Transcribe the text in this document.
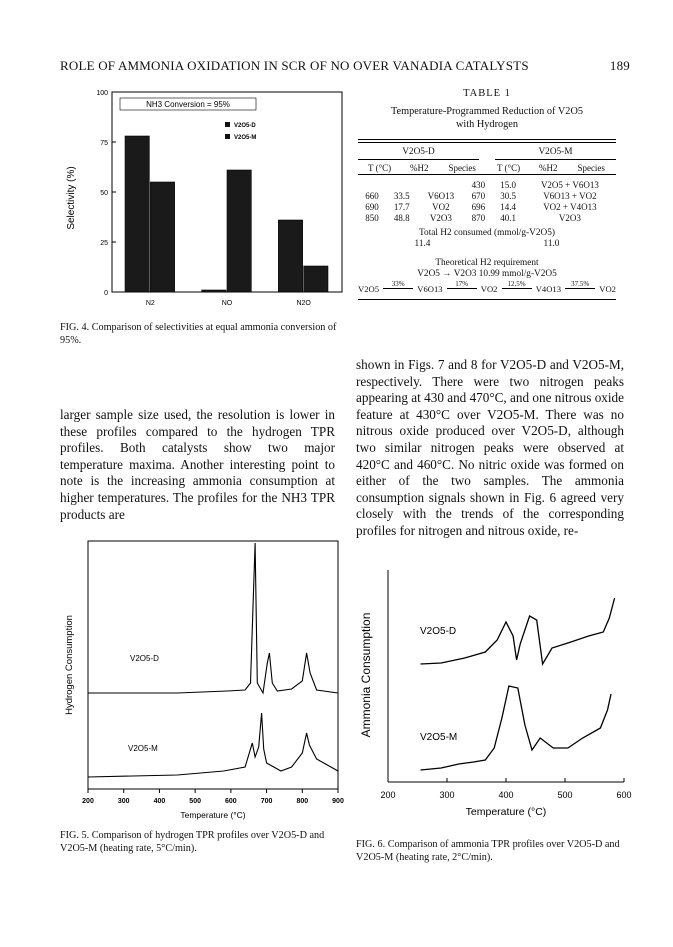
ROLE OF AMMONIA OXIDATION IN SCR OF NO OVER VANADIA CATALYSTS	189
0
25
50
75
100
N2	NO	N2O
Selectivity (%)
NH3 Conversion = 95%
V2O5-D
V2O5-M
FIG. 4. Comparison of selectivities at equal ammonia conversion of 95%.
TABLE 1
Temperature-Programmed Reduction of V2O5 with Hydrogen
V2O5-D	V2O5-M
T (°C)	%H2	Species	T (°C)	%H2	Species
			430	15.0	V2O5 + V6O13
660	33.5	V6O13	670	30.5	V6O13 + VO2
690	17.7	VO2	696	14.4	VO2 + V4O13
850	48.8	V2O3	870	40.1	V2O3
Total H2 consumed (mmol/g-V2O5)
11.4	11.0
Theoretical H2 requirement
V2O5 → V2O3 10.99 mmol/g-V2O5
V2O5	33%	V6O13	17%	VO2	12.5%	V4O13	37.5%	VO2
larger sample size used, the resolution is lower in these profiles compared to the hydrogen TPR profiles. Both catalysts show two major temperature maxima. Another interesting point to note is the increasing ammonia consumption at higher temperatures. The profiles for the NH3 TPR products are
shown in Figs. 7 and 8 for V2O5-D and V2O5-M, respectively. There were two nitrogen peaks appearing at 430 and 470°C, and one nitrous oxide feature at 430°C over V2O5-M. There was no nitrous oxide produced over V2O5-D, although two similar nitrogen peaks were observed at 420°C and 460°C. No nitric oxide was formed on either of the two samples. The ammonia consumption signals shown in Fig. 6 agreed very closely with the trends of the corresponding profiles for nitrogen and nitrous oxide, re-
200	300	400	500	600	700	800	900
V2O5-D
V2O5-M
Hydrogen Consumption
Temperature (°C)
FIG. 5. Comparison of hydrogen TPR profiles over V2O5-D and V2O5-M (heating rate, 5°C/min).
200	300	400	500	600
V2O5-D
V2O5-M
Ammonia Consumption
Temperature (°C)
FIG. 6. Comparison of ammonia TPR profiles over V2O5-D and V2O5-M (heating rate, 2°C/min).
